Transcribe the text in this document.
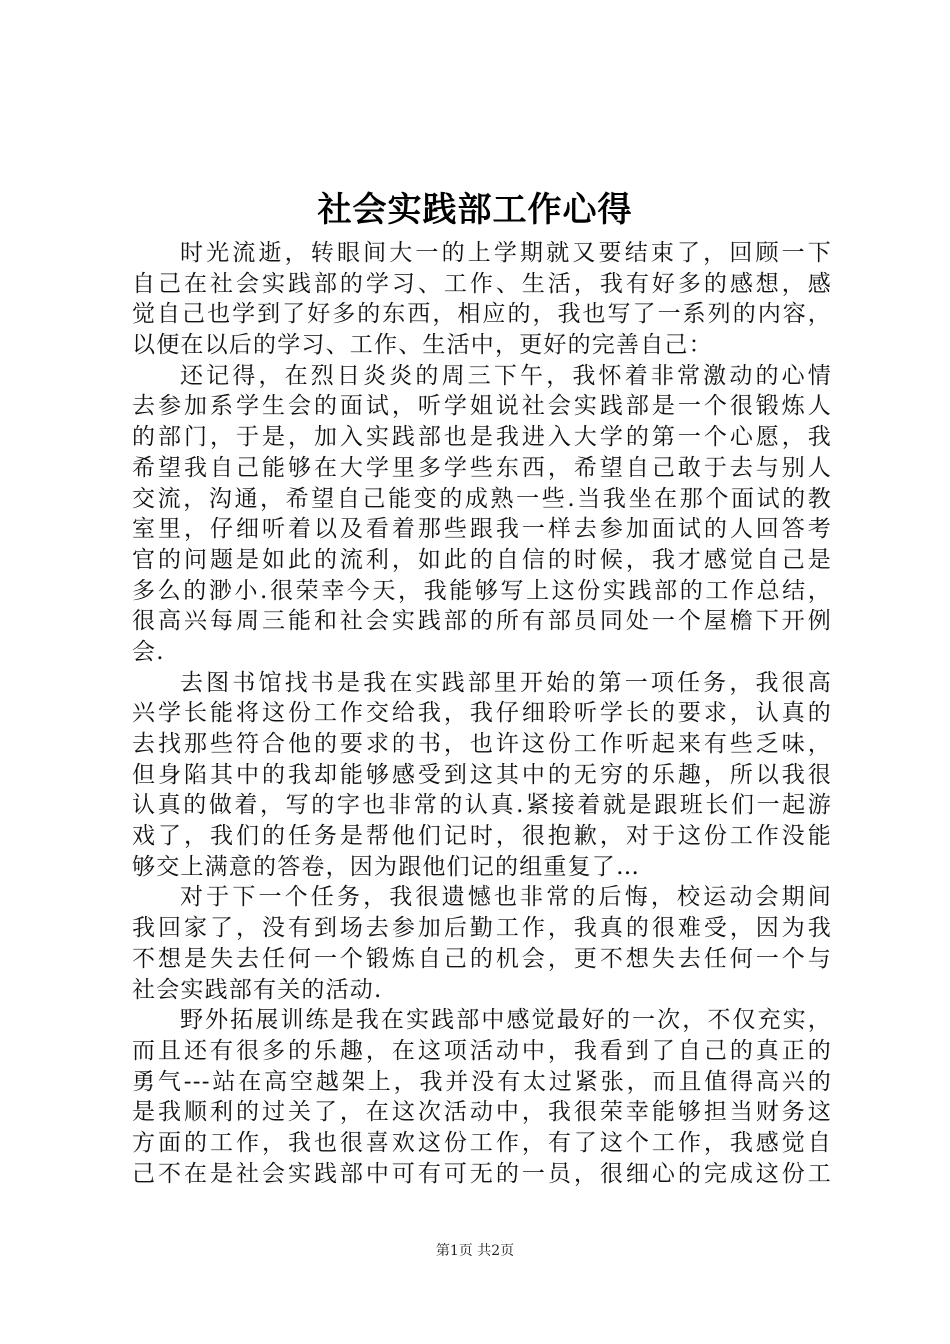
社会实践部工作心得
时光流逝，转眼间大一的上学期就又要结束了，回顾一下
自己在社会实践部的学习、工作、生活，我有好多的感想，感
觉自己也学到了好多的东西，相应的，我也写了一系列的内容，
以便在以后的学习、工作、生活中，更好的完善自己：
还记得，在烈日炎炎的周三下午，我怀着非常激动的心情
去参加系学生会的面试，听学姐说社会实践部是一个很锻炼人
的部门，于是，加入实践部也是我进入大学的第一个心愿，我
希望我自己能够在大学里多学些东西，希望自己敢于去与别人
交流，沟通，希望自己能变的成熟一些.当我坐在那个面试的教
室里，仔细听着以及看着那些跟我一样去参加面试的人回答考
官的问题是如此的流利，如此的自信的时候，我才感觉自己是
多么的渺小.很荣幸今天，我能够写上这份实践部的工作总结，
很高兴每周三能和社会实践部的所有部员同处一个屋檐下开例
会.
去图书馆找书是我在实践部里开始的第一项任务，我很高
兴学长能将这份工作交给我，我仔细聆听学长的要求，认真的
去找那些符合他的要求的书，也许这份工作听起来有些乏味，
但身陷其中的我却能够感受到这其中的无穷的乐趣，所以我很
认真的做着，写的字也非常的认真.紧接着就是跟班长们一起游
戏了，我们的任务是帮他们记时，很抱歉，对于这份工作没能
够交上满意的答卷，因为跟他们记的组重复了…
对于下一个任务，我很遗憾也非常的后悔，校运动会期间
我回家了，没有到场去参加后勤工作，我真的很难受，因为我
不想是失去任何一个锻炼自己的机会，更不想失去任何一个与
社会实践部有关的活动.
野外拓展训练是我在实践部中感觉最好的一次，不仅充实，
而且还有很多的乐趣，在这项活动中，我看到了自己的真正的
勇气---站在高空越架上，我并没有太过紧张，而且值得高兴的
是我顺利的过关了，在这次活动中，我很荣幸能够担当财务这
方面的工作，我也很喜欢这份工作，有了这个工作，我感觉自
己不在是社会实践部中可有可无的一员，很细心的完成这份工
第1页 共2页
